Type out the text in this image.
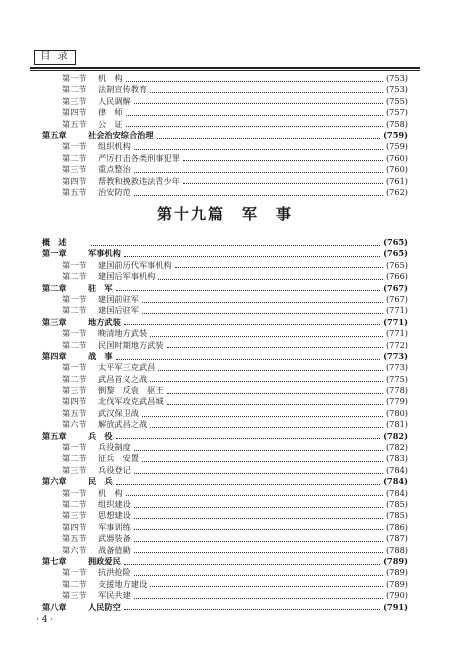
目 录
第一节	机　构	(753)
第二节	法制宣传教育	(753)
第三节	人民调解	(755)
第四节	律　师	(757)
第五节	公　证	(758)
第五章	社会治安综合治理	(759)
第一节	组织机构	(759)
第二节	严厉打击各类刑事犯罪	(760)
第三节	重点整治	(760)
第四节	帮教和挽救违法青少年	(761)
第五节	治安防范	(762)
第十九篇　军　事
概　述	(765)
第一章	军事机构	(765)
第一节	建国前历代军事机构	(765)
第二节	建国后军事机构	(766)
第二章	驻　军	(767)
第一节	建国前驻军	(767)
第二节	建国后驻军	(771)
第三章	地方武装	(771)
第一节	晚清地方武装	(771)
第二节	民国时期地方武装	(772)
第四章	战　事	(773)
第一节	太平军三克武昌	(773)
第二节	武昌首义之战	(775)
第三节	倒黎　反袁　驱王	(778)
第四节	北伐军攻克武昌城	(779)
第五节	武汉保卫战	(780)
第六节	解放武昌之战	(781)
第五章	兵　役	(782)
第一节	兵役制度	(782)
第二节	征兵　安置	(783)
第三节	兵役登记	(784)
第六章	民　兵	(784)
第一节	机　构	(784)
第二节	组织建设	(785)
第三节	思想建设	(785)
第四节	军事训练	(786)
第五节	武器装备	(787)
第六节	战备值勤	(788)
第七章	拥政爱民	(789)
第一节	抗洪抢险	(789)
第二节	支援地方建设	(789)
第三节	军民共建	(790)
第八章	人民防空	(791)
· 4 ·
